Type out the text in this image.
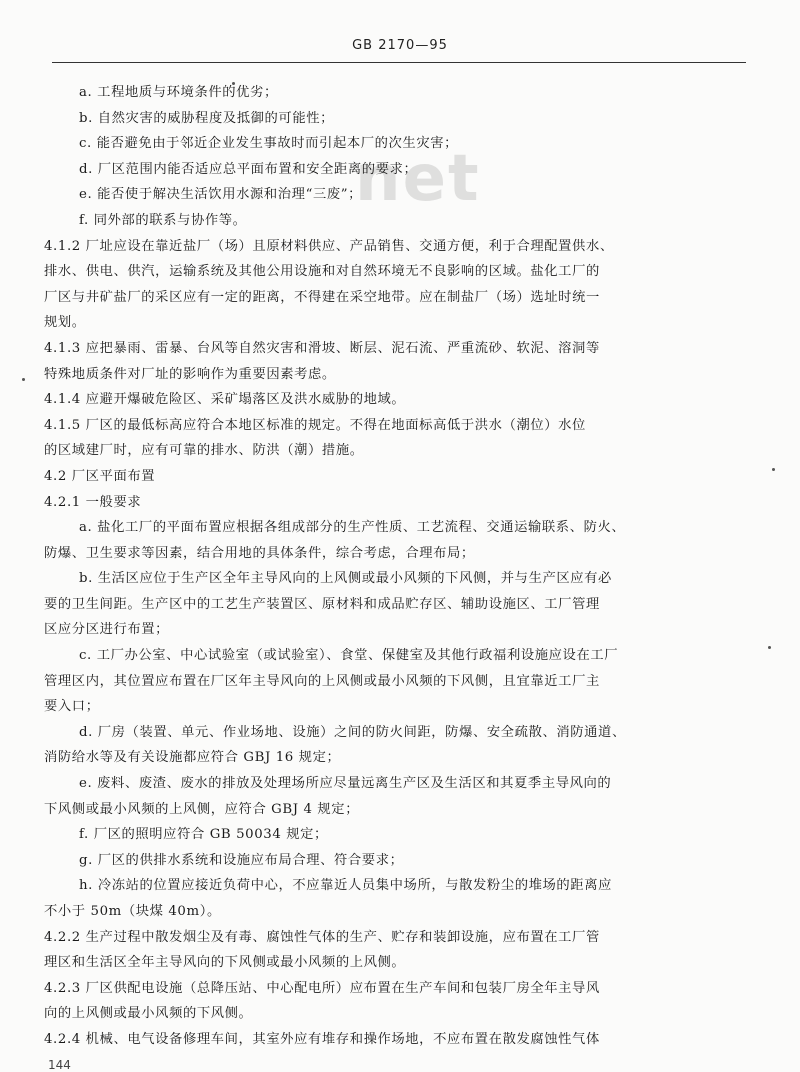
GB 2170—95
net
a. 工程地质与环境条件的优劣；
b. 自然灾害的威胁程度及抵御的可能性；
c. 能否避免由于邻近企业发生事故时而引起本厂的次生灾害；
d. 厂区范围内能否适应总平面布置和安全距离的要求；
e. 能否使于解决生活饮用水源和治理“三废”；
f. 同外部的联系与协作等。
4.1.2 厂址应设在靠近盐厂（场）且原材料供应、产品销售、交通方便，利于合理配置供水、
排水、供电、供汽，运输系统及其他公用设施和对自然环境无不良影响的区域。盐化工厂的
厂区与井矿盐厂的采区应有一定的距离，不得建在采空地带。应在制盐厂（场）选址时统一
规划。
4.1.3 应把暴雨、雷暴、台风等自然灾害和滑坡、断层、泥石流、严重流砂、软泥、溶洞等
特殊地质条件对厂址的影响作为重要因素考虑。
4.1.4 应避开爆破危险区、采矿塌落区及洪水威胁的地域。
4.1.5 厂区的最低标高应符合本地区标准的规定。不得在地面标高低于洪水（潮位）水位
的区域建厂时，应有可靠的排水、防洪（潮）措施。
4.2 厂区平面布置
4.2.1 一般要求
a. 盐化工厂的平面布置应根据各组成部分的生产性质、工艺流程、交通运输联系、防火、
防爆、卫生要求等因素，结合用地的具体条件，综合考虑，合理布局；
b. 生活区应位于生产区全年主导风向的上风侧或最小风频的下风侧，并与生产区应有必
要的卫生间距。生产区中的工艺生产装置区、原材料和成品贮存区、辅助设施区、工厂管理
区应分区进行布置；
c. 工厂办公室、中心试验室（或试验室）、食堂、保健室及其他行政福利设施应设在工厂
管理区内，其位置应布置在厂区年主导风向的上风侧或最小风频的下风侧，且宜靠近工厂主
要入口；
d. 厂房（装置、单元、作业场地、设施）之间的防火间距，防爆、安全疏散、消防通道、
消防给水等及有关设施都应符合 GBJ 16 规定；
e. 废料、废渣、废水的排放及处理场所应尽量远离生产区及生活区和其夏季主导风向的
下风侧或最小风频的上风侧，应符合 GBJ 4 规定；
f. 厂区的照明应符合 GB 50034 规定；
g. 厂区的供排水系统和设施应布局合理、符合要求；
h. 冷冻站的位置应接近负荷中心，不应靠近人员集中场所，与散发粉尘的堆场的距离应
不小于 50m（块煤 40m）。
4.2.2 生产过程中散发烟尘及有毒、腐蚀性气体的生产、贮存和装卸设施，应布置在工厂管
理区和生活区全年主导风向的下风侧或最小风频的上风侧。
4.2.3 厂区供配电设施（总降压站、中心配电所）应布置在生产车间和包装厂房全年主导风
向的上风侧或最小风频的下风侧。
4.2.4 机械、电气设备修理车间，其室外应有堆存和操作场地，不应布置在散发腐蚀性气体
144
